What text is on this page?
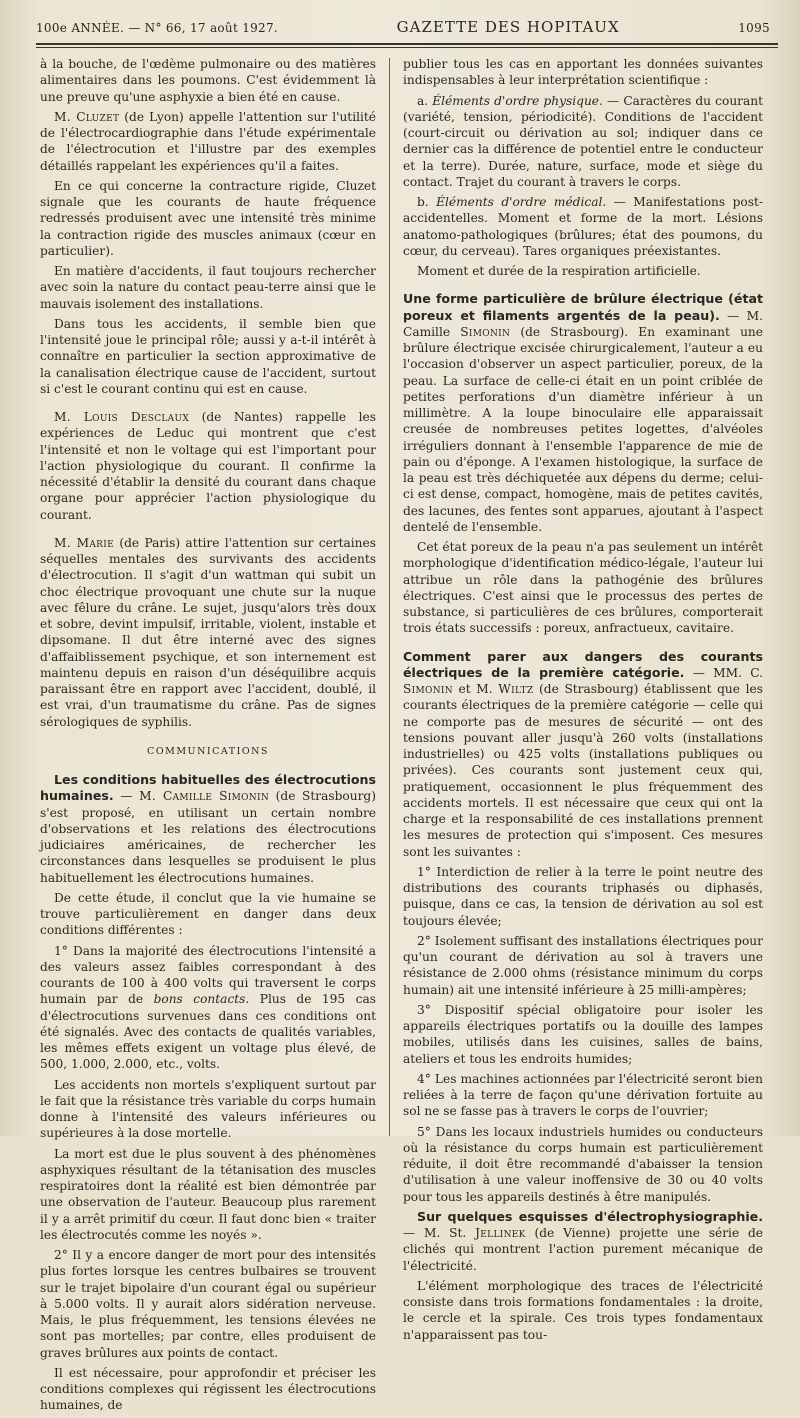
100e ANNÉE. — N° 66, 17 août 1927.	GAZETTE DES HOPITAUX	1095

à la bouche, de l'œdème pulmonaire ou des matières alimentaires dans les poumons. C'est évidemment là une preuve qu'une asphyxie a bien été en cause.

M. Cluzet (de Lyon) appelle l'attention sur l'utilité de l'électrocardiographie dans l'étude expérimentale de l'électrocution et l'illustre par des exemples détaillés rappelant les expériences qu'il a faites.

En ce qui concerne la contracture rigide, Cluzet signale que les courants de haute fréquence redressés produisent avec une intensité très minime la contraction rigide des muscles animaux (cœur en particulier).

En matière d'accidents, il faut toujours rechercher avec soin la nature du contact peau-terre ainsi que le mauvais isolement des installations.

Dans tous les accidents, il semble bien que l'intensité joue le principal rôle; aussi y a-t-il intérêt à connaître en particulier la section approximative de la canalisation électrique cause de l'accident, surtout si c'est le courant continu qui est en cause.

M. Louis Desclaux (de Nantes) rappelle les expériences de Leduc qui montrent que c'est l'intensité et non le voltage qui est l'important pour l'action physiologique du courant. Il confirme la nécessité d'établir la densité du courant dans chaque organe pour apprécier l'action physiologique du courant.

M. Marie (de Paris) attire l'attention sur certaines séquelles mentales des survivants des accidents d'électrocution. Il s'agit d'un wattman qui subit un choc électrique provoquant une chute sur la nuque avec fêlure du crâne. Le sujet, jusqu'alors très doux et sobre, devint impulsif, irritable, violent, instable et dipsomane. Il dut être interné avec des signes d'affaiblissement psychique, et son internement est maintenu depuis en raison d'un déséquilibre acquis paraissant être en rapport avec l'accident, doublé, il est vrai, d'un traumatisme du crâne. Pas de signes sérologiques de syphilis.

COMMUNICATIONS

Les conditions habituelles des électrocutions humaines. — M. Camille Simonin (de Strasbourg) s'est proposé, en utilisant un certain nombre d'observations et les relations des électrocutions judiciaires américaines, de rechercher les circonstances dans lesquelles se produisent le plus habituellement les électrocutions humaines.

De cette étude, il conclut que la vie humaine se trouve particulièrement en danger dans deux conditions différentes :

1° Dans la majorité des électrocutions l'intensité a des valeurs assez faibles correspondant à des courants de 100 à 400 volts qui traversent le corps humain par de bons contacts. Plus de 195 cas d'électrocutions survenues dans ces conditions ont été signalés. Avec des contacts de qualités variables, les mêmes effets exigent un voltage plus élevé, de 500, 1.000, 2.000, etc., volts.

Les accidents non mortels s'expliquent surtout par le fait que la résistance très variable du corps humain donne à l'intensité des valeurs inférieures ou supérieures à la dose mortelle.

La mort est due le plus souvent à des phénomènes asphyxiques résultant de la tétanisation des muscles respiratoires dont la réalité est bien démontrée par une observation de l'auteur. Beaucoup plus rarement il y a arrêt primitif du cœur. Il faut donc bien « traiter les électrocutés comme les noyés ».

2° Il y a encore danger de mort pour des intensités plus fortes lorsque les centres bulbaires se trouvent sur le trajet bipolaire d'un courant égal ou supérieur à 5.000 volts. Il y aurait alors sidération nerveuse. Mais, le plus fréquemment, les tensions élevées ne sont pas mortelles; par contre, elles produisent de graves brûlures aux points de contact.

Il est nécessaire, pour approfondir et préciser les conditions complexes qui régissent les électrocutions humaines, de

publier tous les cas en apportant les données suivantes indispensables à leur interprétation scientifique :

a. Éléments d'ordre physique. — Caractères du courant (variété, tension, périodicité). Conditions de l'accident (court-circuit ou dérivation au sol; indiquer dans ce dernier cas la différence de potentiel entre le conducteur et la terre). Durée, nature, surface, mode et siège du contact. Trajet du courant à travers le corps.

b. Éléments d'ordre médical. — Manifestations post-accidentelles. Moment et forme de la mort. Lésions anatomo-pathologiques (brûlures; état des poumons, du cœur, du cerveau). Tares organiques préexistantes.

Moment et durée de la respiration artificielle.

Une forme particulière de brûlure électrique (état poreux et filaments argentés de la peau). — M. Camille Simonin (de Strasbourg). En examinant une brûlure électrique excisée chirurgicalement, l'auteur a eu l'occasion d'observer un aspect particulier, poreux, de la peau. La surface de celle-ci était en un point criblée de petites perforations d'un diamètre inférieur à un millimètre. A la loupe binoculaire elle apparaissait creusée de nombreuses petites logettes, d'alvéoles irréguliers donnant à l'ensemble l'apparence de mie de pain ou d'éponge. A l'examen histologique, la surface de la peau est très déchiquetée aux dépens du derme; celui-ci est dense, compact, homogène, mais de petites cavités, des lacunes, des fentes sont apparues, ajoutant à l'aspect dentelé de l'ensemble.

Cet état poreux de la peau n'a pas seulement un intérêt morphologique d'identification médico-légale, l'auteur lui attribue un rôle dans la pathogénie des brûlures électriques. C'est ainsi que le processus des pertes de substance, si particulières de ces brûlures, comporterait trois états successifs : poreux, anfractueux, cavitaire.

Comment parer aux dangers des courants électriques de la première catégorie. — MM. C. Simonin et M. Wiltz (de Strasbourg) établissent que les courants électriques de la première catégorie — celle qui ne comporte pas de mesures de sécurité — ont des tensions pouvant aller jusqu'à 260 volts (installations industrielles) ou 425 volts (installations publiques ou privées). Ces courants sont justement ceux qui, pratiquement, occasionnent le plus fréquemment des accidents mortels. Il est nécessaire que ceux qui ont la charge et la responsabilité de ces installations prennent les mesures de protection qui s'imposent. Ces mesures sont les suivantes :

1° Interdiction de relier à la terre le point neutre des distributions des courants triphasés ou diphasés, puisque, dans ce cas, la tension de dérivation au sol est toujours élevée;

2° Isolement suffisant des installations électriques pour qu'un courant de dérivation au sol à travers une résistance de 2.000 ohms (résistance minimum du corps humain) ait une intensité inférieure à 25 milli-ampères;

3° Dispositif spécial obligatoire pour isoler les appareils électriques portatifs ou la douille des lampes mobiles, utilisés dans les cuisines, salles de bains, ateliers et tous les endroits humides;

4° Les machines actionnées par l'électricité seront bien reliées à la terre de façon qu'une dérivation fortuite au sol ne se fasse pas à travers le corps de l'ouvrier;

5° Dans les locaux industriels humides ou conducteurs où la résistance du corps humain est particulièrement réduite, il doit être recommandé d'abaisser la tension d'utilisation à une valeur inoffensive de 30 ou 40 volts pour tous les appareils destinés à être manipulés.

Sur quelques esquisses d'électrophysiographie. — M. St. Jellinek (de Vienne) projette une série de clichés qui montrent l'action purement mécanique de l'électricité.

L'élément morphologique des traces de l'électricité consiste dans trois formations fondamentales : la droite, le cercle et la spirale. Ces trois types fondamentaux n'apparaissent pas tou-
